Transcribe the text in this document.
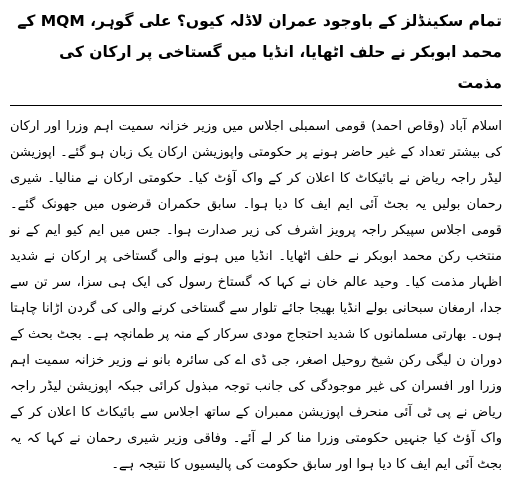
تمام سکینڈلز کے باوجود عمران لاڈلہ کیوں؟ علی گوہر، MQM کے محمد ابوبکر نے حلف اٹھایا، انڈیا میں گستاخی پر ارکان کی مذمت

اسلام آباد (وقاص احمد) قومی اسمبلی اجلاس میں وزیر خزانہ سمیت اہم وزرا اور ارکان کی بیشتر تعداد کے غیر حاضر ہونے پر حکومتی واپوزیشن ارکان یک زبان ہو گئے۔ اپوزیشن لیڈر راجہ ریاض نے بائیکاٹ کا اعلان کر کے واک آؤٹ کیا۔ حکومتی ارکان نے منالیا۔ شیری رحمان بولیں یہ بجٹ آئی ایم ایف کا دیا ہوا۔ سابق حکمران قرضوں میں جھونک گئے۔ قومی اجلاس سپیکر راجہ پرویز اشرف کی زیر صدارت ہوا۔ جس میں ایم کیو ایم کے نو منتخب رکن محمد ابوبکر نے حلف اٹھایا۔ انڈیا میں ہونے والی گستاخی پر ارکان نے شدید اظہار مذمت کیا۔ وحید عالم خان نے کہا کہ گستاخ رسول کی ایک ہی سزا، سر تن سے جدا، ارمغان سبحانی بولے انڈیا بھیجا جائے تلوار سے گستاخی کرنے والی کی گردن اڑانا چاہتا ہوں۔ بھارتی مسلمانوں کا شدید احتجاج مودی سرکار کے منہ پر طمانچہ ہے۔ بجٹ بحث کے دوران ن لیگی رکن شیخ روحیل اصغر، جی ڈی اے کی سائرہ بانو نے وزیر خزانہ سمیت اہم وزرا اور افسران کی غیر موجودگی کی جانب توجہ مبذول کرائی جبکہ اپوزیشن لیڈر راجہ ریاض نے پی ٹی آئی منحرف اپوزیشن ممبران کے ساتھ اجلاس سے بائیکاٹ کا اعلان کر کے واک آؤٹ کیا جنہیں حکومتی وزرا منا کر لے آئے۔ وفاقی وزیر شیری رحمان نے کہا کہ یہ بجٹ آئی ایم ایف کا دیا ہوا اور سابق حکومت کی پالیسیوں کا نتیجہ ہے۔
